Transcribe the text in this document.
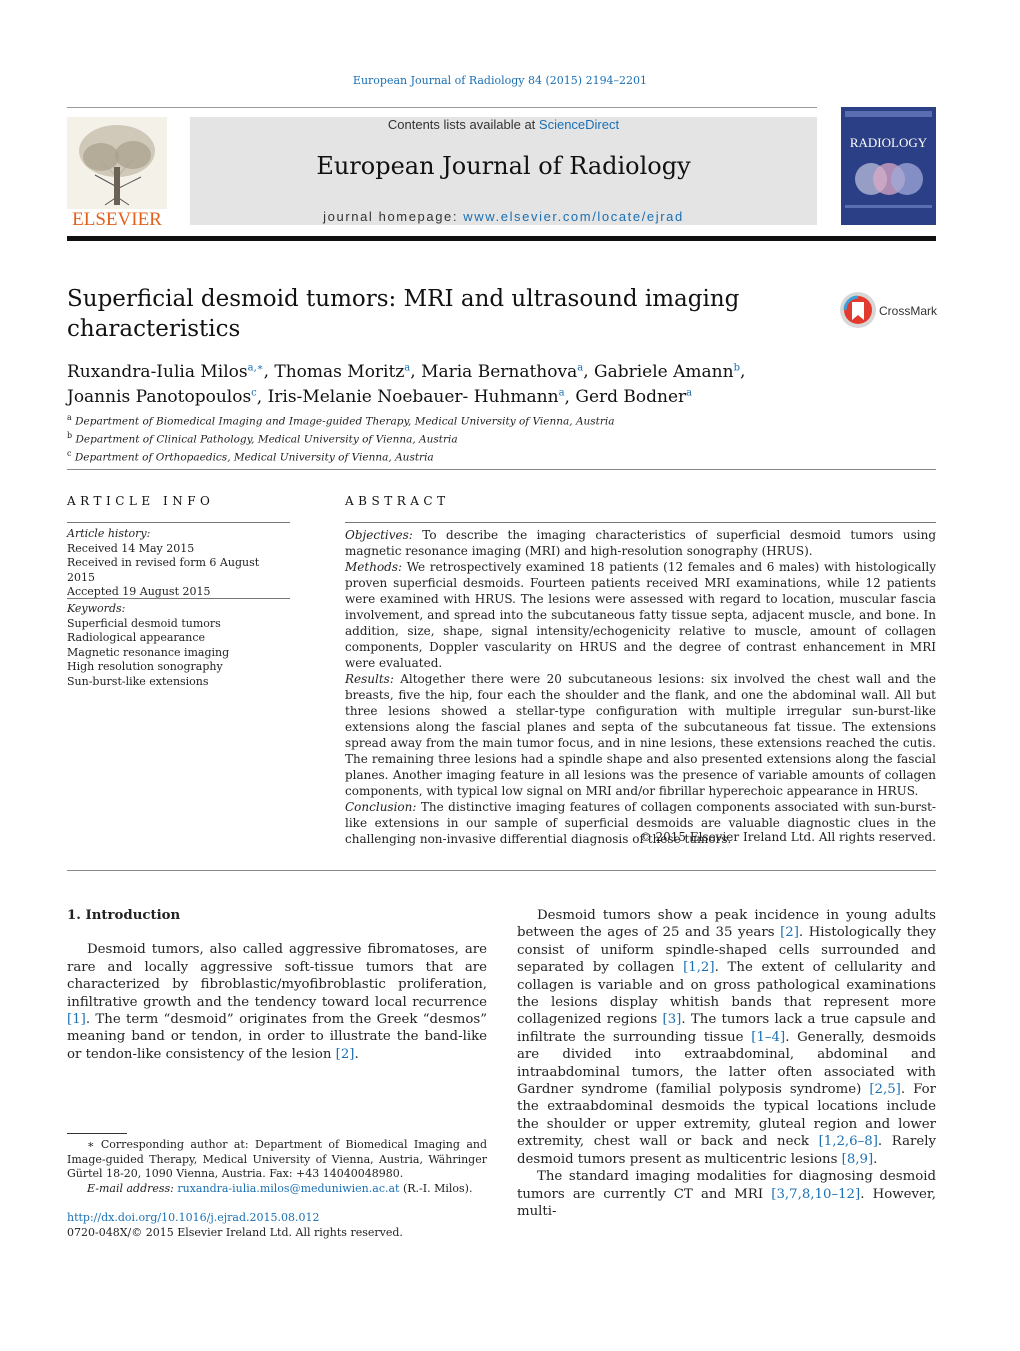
European Journal of Radiology 84 (2015) 2194–2201
ELSEVIER
Contents lists available at ScienceDirect
European Journal of Radiology
journal homepage: www.elsevier.com/locate/ejrad
RADIOLOGY
Superficial desmoid tumors: MRI and ultrasound imaging characteristics
CrossMark
Ruxandra-Iulia Milos$^{a,∗}$, Thomas Moritz$^a$, Maria Bernathova$^a$, Gabriele Amann$^b$,
Joannis Panotopoulos$^c$, Iris-Melanie Noebauer- Huhmann$^a$, Gerd Bodner$^a$
$^a$ Department of Biomedical Imaging and Image-guided Therapy, Medical University of Vienna, Austria
$^b$ Department of Clinical Pathology, Medical University of Vienna, Austria
$^c$ Department of Orthopaedics, Medical University of Vienna, Austria
ARTICLE INFO
Article history:
Received 14 May 2015
Received in revised form 6 August 2015
Accepted 19 August 2015
Keywords:
Superficial desmoid tumors
Radiological appearance
Magnetic resonance imaging
High resolution sonography
Sun-burst-like extensions
ABSTRACT

Objectives: To describe the imaging characteristics of superficial desmoid tumors using magnetic resonance imaging (MRI) and high-resolution sonography (HRUS).

Methods: We retrospectively examined 18 patients (12 females and 6 males) with histologically proven superficial desmoids. Fourteen patients received MRI examinations, while 12 patients were examined with HRUS. The lesions were assessed with regard to location, muscular fascia involvement, and spread into the subcutaneous fatty tissue septa, adjacent muscle, and bone. In addition, size, shape, signal intensity/echogenicity relative to muscle, amount of collagen components, Doppler vascularity on HRUS and the degree of contrast enhancement in MRI were evaluated.

Results: Altogether there were 20 subcutaneous lesions: six involved the chest wall and the breasts, five the hip, four each the shoulder and the flank, and one the abdominal wall. All but three lesions showed a stellar-type configuration with multiple irregular sun-burst-like extensions along the fascial planes and septa of the subcutaneous fat tissue. The extensions spread away from the main tumor focus, and in nine lesions, these extensions reached the cutis. The remaining three lesions had a spindle shape and also presented extensions along the fascial planes. Another imaging feature in all lesions was the presence of variable amounts of collagen components, with typical low signal on MRI and/or fibrillar hyperechoic appearance in HRUS.

Conclusion: The distinctive imaging features of collagen components associated with sun-burst-like extensions in our sample of superficial desmoids are valuable diagnostic clues in the challenging non-invasive differential diagnosis of these tumors.

© 2015 Elsevier Ireland Ltd. All rights reserved.
1. Introduction

Desmoid tumors, also called aggressive fibromatoses, are rare and locally aggressive soft-tissue tumors that are characterized by fibroblastic/myofibroblastic proliferation, infiltrative growth and the tendency toward local recurrence [1]. The term “desmoid” originates from the Greek “desmos” meaning band or tendon, in order to illustrate the band-like or tendon-like consistency of the lesion [2].

Desmoid tumors show a peak incidence in young adults between the ages of 25 and 35 years [2]. Histologically they consist of uniform spindle-shaped cells surrounded and separated by collagen [1,2]. The extent of cellularity and collagen is variable and on gross pathological examinations the lesions display whitish bands that represent more collagenized regions [3]. The tumors lack a true capsule and infiltrate the surrounding tissue [1–4]. Generally, desmoids are divided into extraabdominal, abdominal and intraabdominal tumors, the latter often associated with Gardner syndrome (familial polyposis syndrome) [2,5]. For the extraabdominal desmoids the typical locations include the shoulder or upper extremity, gluteal region and lower extremity, chest wall or back and neck [1,2,6–8]. Rarely desmoid tumors present as multicentric lesions [8,9].

The standard imaging modalities for diagnosing desmoid tumors are currently CT and MRI [3,7,8,10–12]. However, multi-

∗ Corresponding author at: Department of Biomedical Imaging and Image-guided Therapy, Medical University of Vienna, Austria, Währinger Gürtel 18-20, 1090 Vienna, Austria. Fax: +43 14040048980.

E-mail address: ruxandra-iulia.milos@meduniwien.ac.at (R.-I. Milos).

http://dx.doi.org/10.1016/j.ejrad.2015.08.012
0720-048X/© 2015 Elsevier Ireland Ltd. All rights reserved.
